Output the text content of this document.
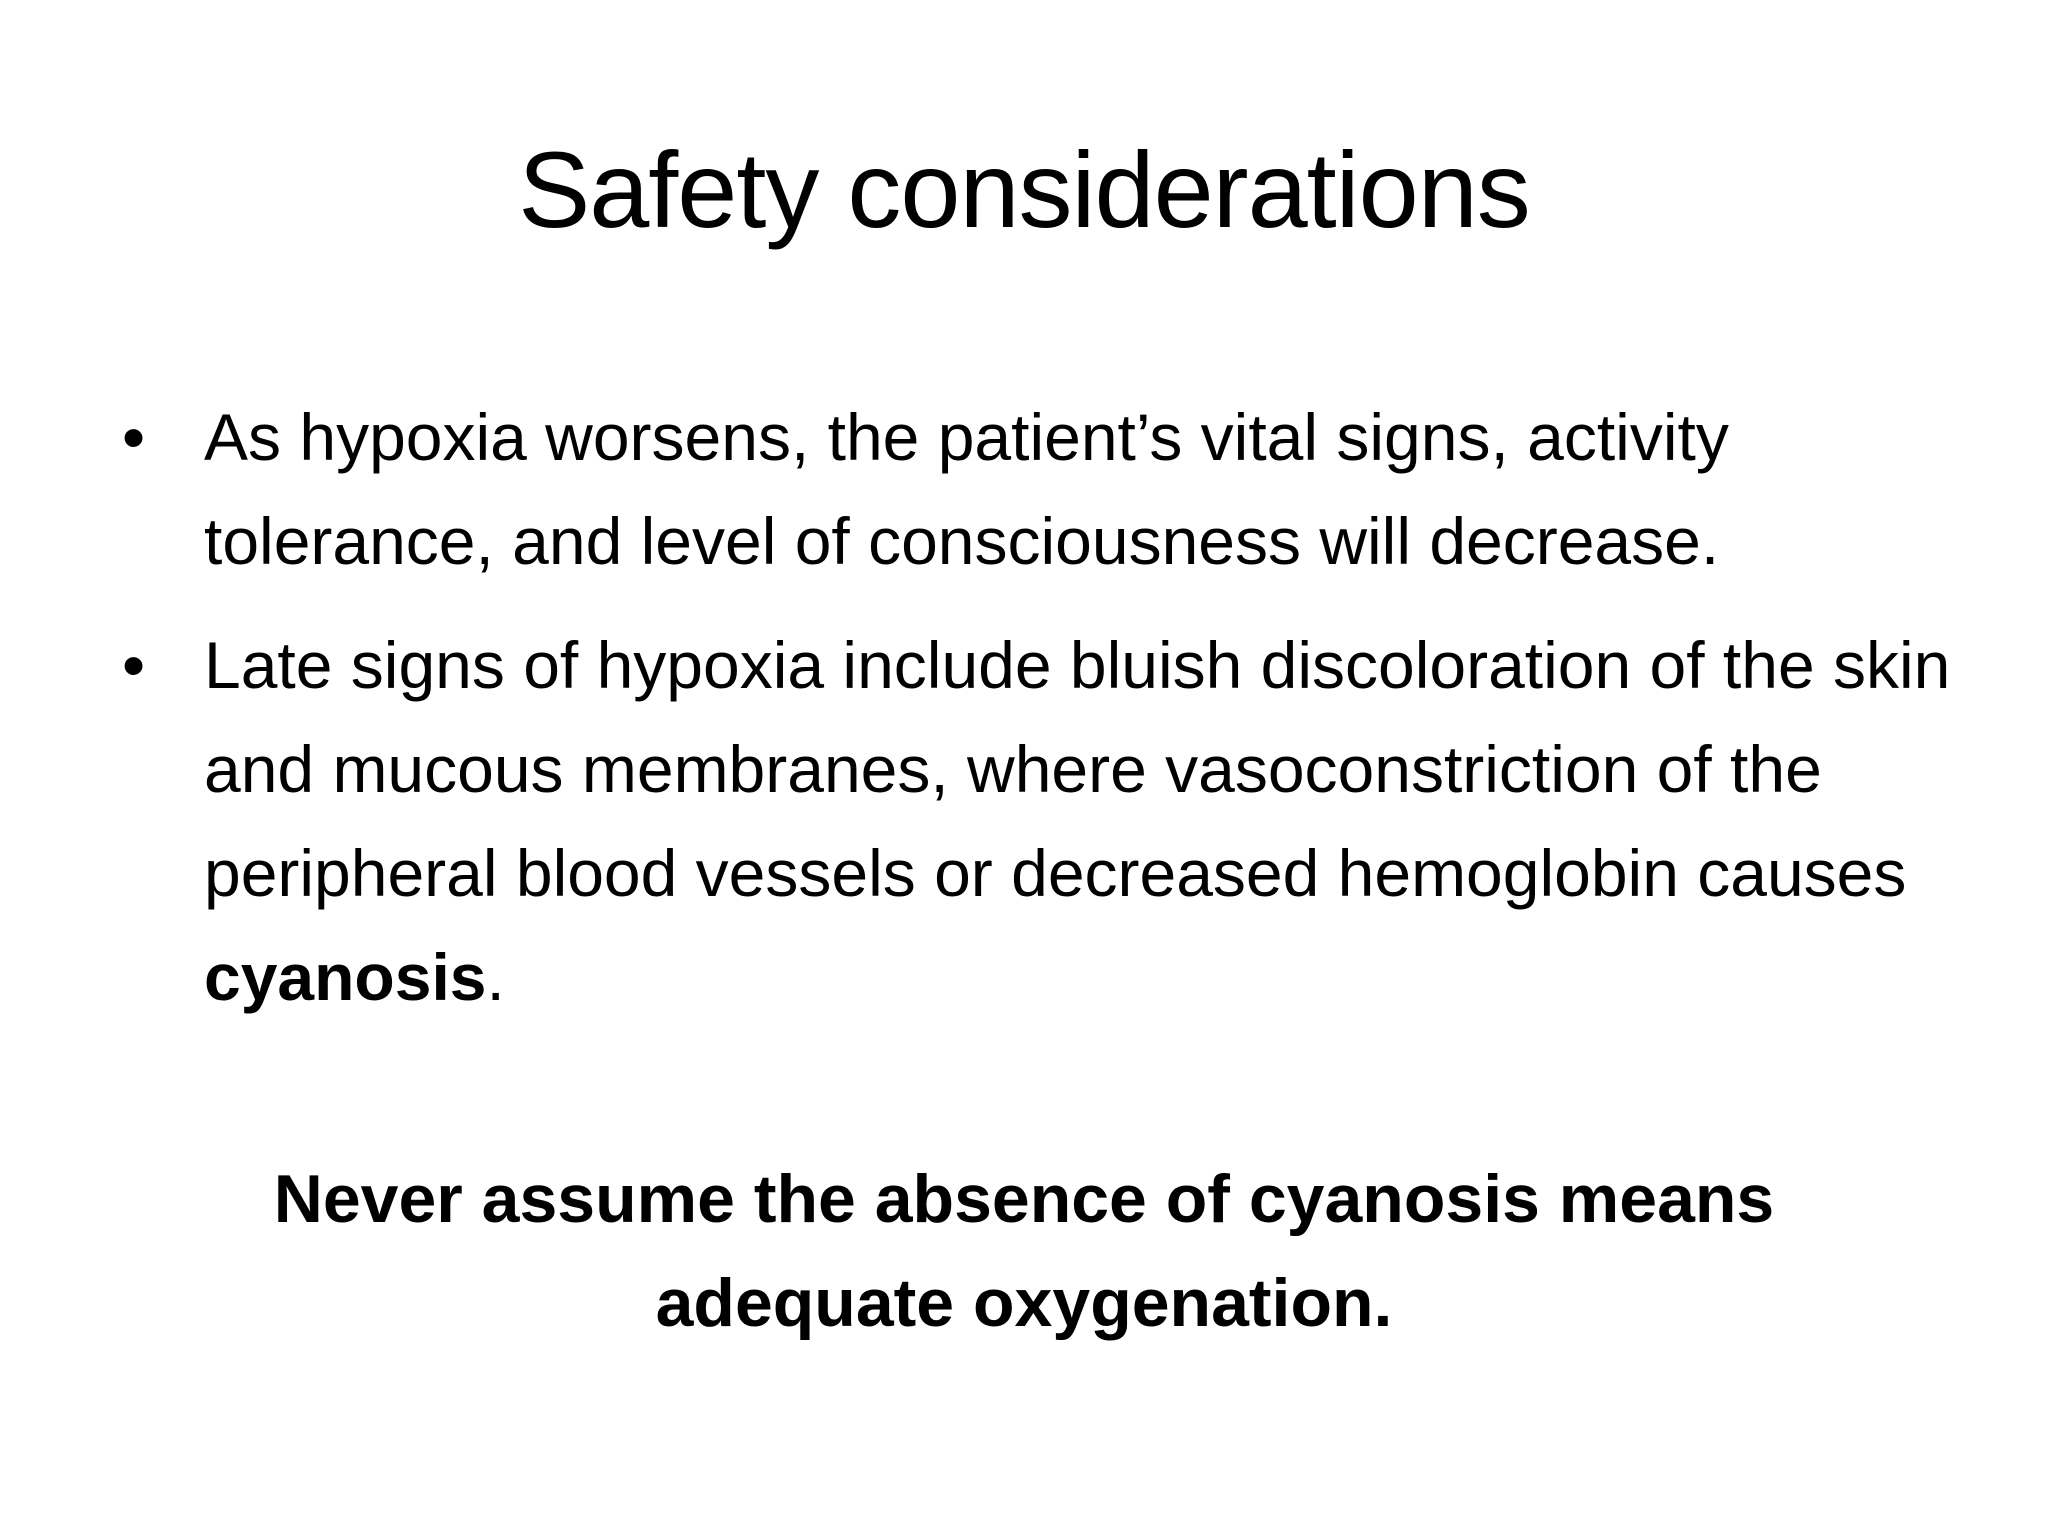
Safety considerations
• As hypoxia worsens, the patient’s vital signs, activity tolerance, and level of consciousness will decrease.
• Late signs of hypoxia include bluish discoloration of the skin and mucous membranes, where vasoconstriction of the peripheral blood vessels or decreased hemoglobin causes cyanosis.
Never assume the absence of cyanosis means adequate oxygenation.
